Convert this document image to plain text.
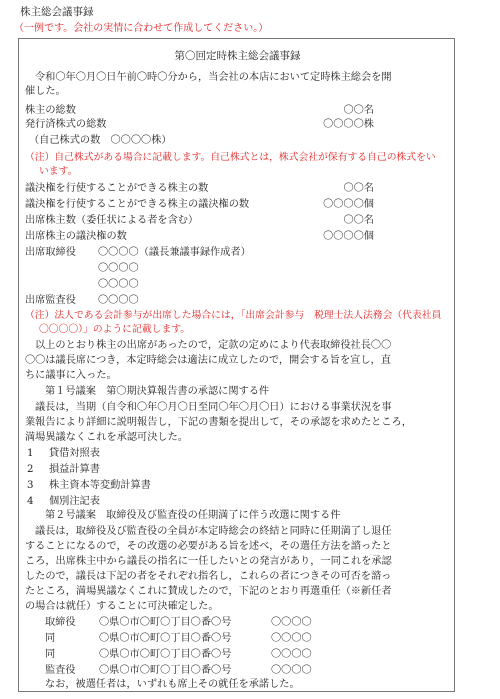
株主総会議事録
（一例です。会社の実情に合わせて作成してください。）
第〇回定時株主総会議事録
令和〇年〇月〇日午前〇時〇分から，当会社の本店において定時株主総会を開
催した。
株主の総数	〇〇名
発行済株式の総数	〇〇〇〇株
（自己株式の数　〇〇〇〇株）
（注）自己株式がある場合に記載します。自己株式とは，株式会社が保有する自己の株式をい
います。
議決権を行使することができる株主の数	〇〇名
議決権を行使することができる株主の議決権の数	〇〇〇〇個
出席株主数（委任状による者を含む）	〇〇名
出席株主の議決権の数	〇〇〇〇個
出席取締役 〇〇〇〇（議長兼議事録作成者）
〇〇〇〇
〇〇〇〇
出席監査役 〇〇〇〇
（注）法人である会計参与が出席した場合には，「出席会計参与　税理士法人法務会（代表社員
〇〇〇〇）」のように記載します。
以上のとおり株主の出席があったので，定款の定めにより代表取締役社長〇〇
〇〇は議長席につき，本定時総会は適法に成立したので，開会する旨を宣し，直
ちに議事に入った。
第１号議案　第〇期決算報告書の承認に関する件
議長は，当期（自令和〇年〇月〇日至同〇年〇月〇日）における事業状況を事
業報告により詳細に説明報告し，下記の書類を提出して，その承認を求めたところ，
満場異議なくこれを承認可決した。
1 貸借対照表
2 損益計算書
3 株主資本等変動計算書
4 個別注記表
第２号議案　取締役及び監査役の任期満了に伴う改選に関する件
議長は，取締役及び監査役の全員が本定時総会の終結と同時に任期満了し退任
することになるので，その改選の必要がある旨を述べ，その選任方法を諮ったと
ころ，出席株主中から議長の指名に一任したいとの発言があり，一同これを承認
したので，議長は下記の者をそれぞれ指名し，これらの者につきその可否を諮っ
たところ，満場異議なくこれに賛成したので，下記のとおり再選重任（※新任者
の場合は就任）することに可決確定した。
取締役 〇県〇市〇町〇丁目〇番〇号	〇〇〇〇
同	〇県〇市〇町〇丁目〇番〇号	〇〇〇〇
同	〇県〇市〇町〇丁目〇番〇号	〇〇〇〇
監査役 〇県〇市〇町〇丁目〇番〇号	〇〇〇〇
なお，被選任者は，いずれも席上その就任を承諾した。
